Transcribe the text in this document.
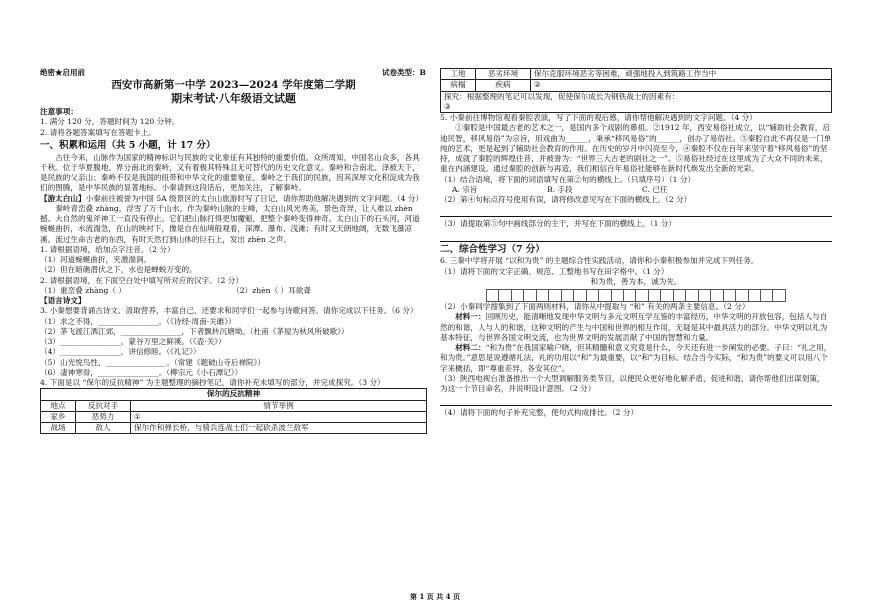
绝密★启用前	试卷类型：B
西安市高新第一中学 2023—2024 学年度第二学期
期末考试·八年级语文试题
注意事项：

1. 满分 120 分，答题时间为 120 分钟。

2. 请将各题答案填写在答题卡上。

一、积累和运用（共 5 小题，计 17 分）

古往今来，山脉作为国家的精神标识与民族的文化象征有其独特的重要价值。众所周知，中国名山众多，各具千秋。位于华夏腹地、界分南北的秦岭，又有着极其特殊且无可替代的历史文化意义。秦岭和合南北、泽被天下，是民族的父亲山；秦岭不仅是我国的纽带和中华文化的重要象征，秦岭之于我们的民族，因其深厚文化积淀成为我们的图腾，是中华民族的显著地标。小秦请到这段话后，更加关注，了解秦岭。

【游太白山】小秦前往被誉为中国 5A 级景区的太白山旅游时写了日记，请你帮助他解决遇到的文字问题。（4 分）

秦岭青峦叠 zhàng，浮雪了万千山水。作为秦岭山脉的主峰，太白山风光秀美，景色奇异，让人难以 zhèn 撼。大自然的鬼斧神工一直没有停止。它们把山脉打得更加魔魁，把整个秦岭变得神奇。太白山下的石头河，河道蜿蜒曲折，水流湍急，在山的映衬下，像是自在仙境般观看，深潭、瀑布、浅滩；有时又天朗地阔，无数飞瀑凉溪。流过生命古老的东西，有时天然打到山体的巨石上，发出 zhèn 之声。

1. 请根据语境，给加点字注音。（2 分）

（1）河道蜿蜒曲折，夹激湍涧。

（2）但在暗礁潜伏之下，水也是蝉蜕万变的。

2. 请根据语境，在下面空白处中填写所对应的汉字。（2 分）

（1）重峦叠 zhàng（ ）	（2）zhèn（ ）耳欲聋

【语言诗文】

3. 小秦想要背诵古诗文、汲取营养，丰富自己，还要求和同学们一起参与诗歌问答。请你完成以下任务。（6 分）

（1）求之不得，________________。（《诗经·周南·关雎》）

（2）茅飞渡江洒江郊，________________，下者飘转沉塘坳。（杜甫《茅屋为秋风所破歌》）

（3）________________，蒙谷万里之鲜溪。（《壶·关》）

（4）________________，讲信修睦。（《礼记》）

（5）山光悦鸟性，________________。（常建《题破山寺后禅院》）

（6）凄神寒骨，________________。（柳宗元《小石潭记》）

4. 下面是以 “保尔的反抗精神” 为主题整理的摘抄笔记，请你补充未填写的部分，并完成探究。（3 分）

保尔的反抗精神		
地点	反抗对手	情节举例
家乡	恶势力	①
战场	敌人	保尔作和弹长桥，与骑兵连战士们一起砍杀波兰敌军
工地	恶劣环境	保尔克服环境恶劣等困难，顽强地投入到筑路工作当中
病榻	疾病	②

探究：根据整理的笔记可以发现，促使保尔成长为钢铁战士的因素有：
③		

5. 小秦前往博物馆观看秦腔表演，写了下面的观后感，请你帮他解决遇到的文字问题。（4 分）

①秦腔是中国最古老的艺术之一，是国内多个戏剧的鼻祖。②1912 年，西安易俗社成立，以“辅助社会教育，启迪民智，移风易俗”为宗旨，用戏曲为______，秉承“移风易俗”的______，创办了易俗社。③秦腔自此不再仅是一门单纯的艺术，更是起到了辅助社会教育的作用。在历史的岁月中闪亮至今，④秦腔不仅在百年来坚守着“移风易俗”的坚持，成就了秦腔的辉煌往昔，并被誉为：“世界三大古老的剧社之一”。⑤易俗社经过在这里成为了大众不同的未来，重在内涵建设。通过秦腔的创新与再造，我们相信百年易俗社能够在新时代焕发出全新的光彩。

（1）结合语境，将下面的词语填写在第②句的横线上。（只填序号）（1 分）

A. 宗旨	B. 手段	C. 已任

（2）第④句标点符号使用有误，请将修改意见写在下面的横线上。（2 分）

（3）请提取第⑤句中画线部分的主干，并写在下面的横线上。（1 分）

二、综合性学习（7 分）

6. 三秦中学将开展 “以和为贵” 的主题综合性实践活动，请你和小秦积极参加并完成下列任务。

（1）请将下面的文字正确、规范、工整地书写在田字格中。（1 分）

和为贵，善为本，诚为先。

（2）小秦同学搜集到了下面两则材料，请你从中提取与 “和” 有关的两条主要信息。（2 分）

材料一：回顾历史，能清晰地发现中华文明与多元文明互学互鉴的丰富经历，中华文明的开放包容，包括人与自然的和谐，人与人的和谐，这种文明的产生与中国和世界的相互作用，无疑是其中最具活力的部分。中华文明以礼为基本特征，与世界各国文明交流，也为世界文明的发展贡献了中国的智慧和力量。

材料二：“和为贵”在我国家喻户晓，但其精髓和意义究竟是什么，今天还有进一步阐发的必要。子曰：“礼之用，和为贵。”意思是说遵循礼法，礼的功用以“和”为最重要，以“和”为目标。结合当今实际，“和为贵”的要义可以用八个字来概括，即“尊重差异，各安其位”。

（3）陕西电视台准备推出一个大型调解服务类节目，以便民众更好地化解矛盾，促进和谐，请你帮他们出谋划策，为这一个节目命名，并说明设计意图。（2 分）

（4）请将下面的句子补充完整，使句式构成排比。（2 分）

第 1 页 共 4 页
